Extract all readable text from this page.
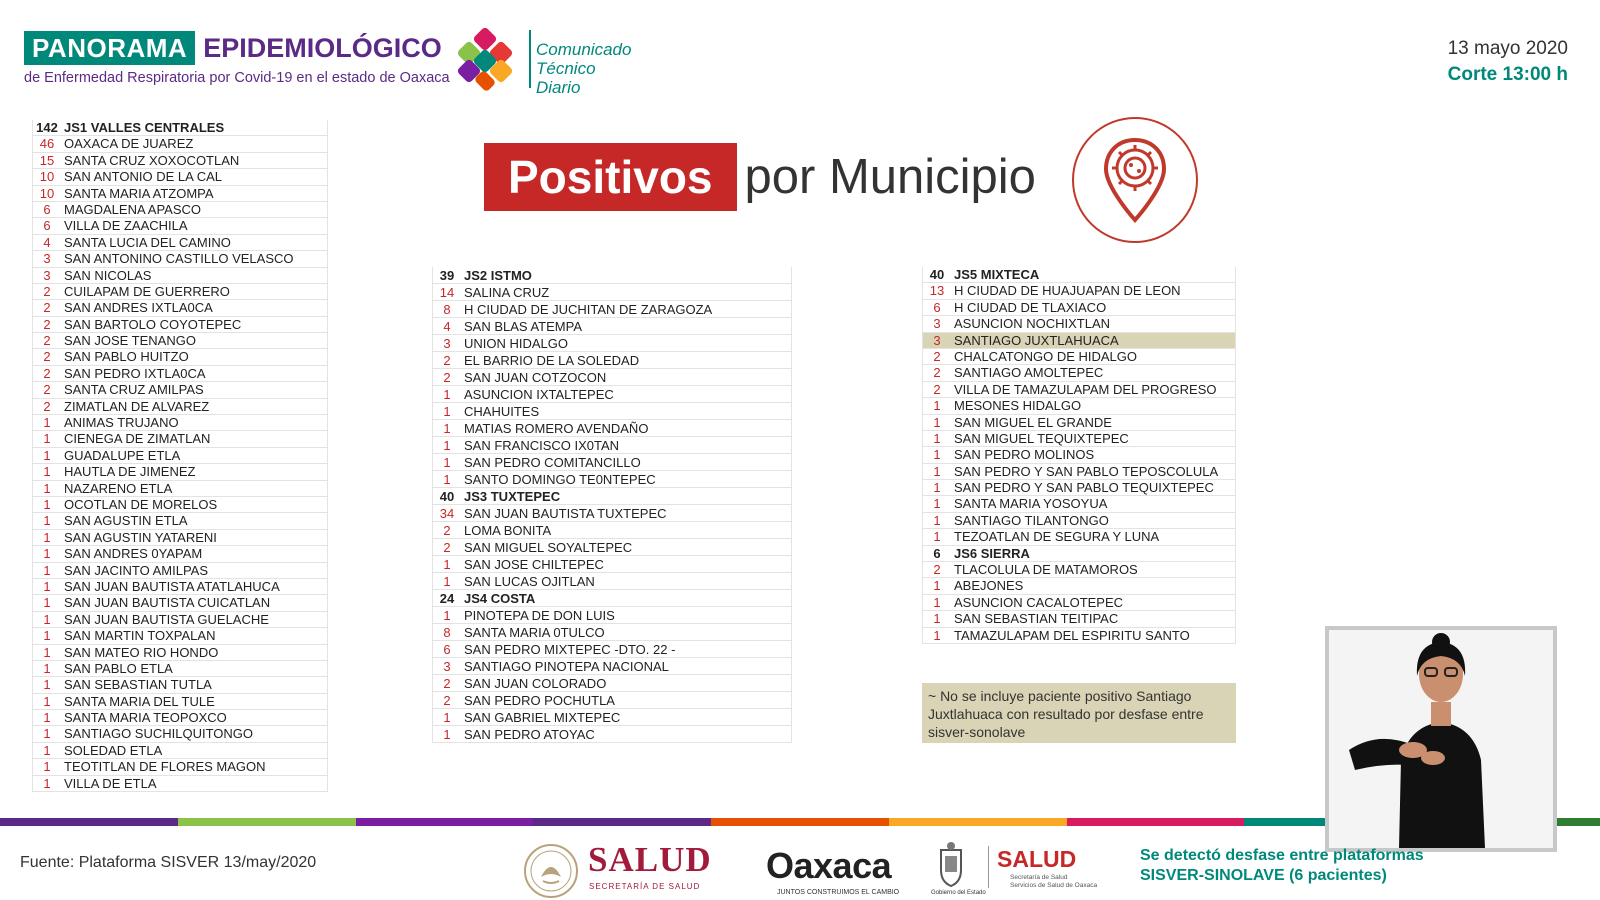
PANORAMA EPIDEMIOLÓGICO
de Enfermedad Respiratoria por Covid-19 en el estado de Oaxaca
Comunicado
Técnico Diario
13 mayo 2020
Corte 13:00 h
Positivos por Municipio
142 JS1 VALLES CENTRALES
46 OAXACA DE JUAREZ
15 SANTA CRUZ XOXOCOTLAN
10 SAN ANTONIO DE LA CAL
10 SANTA MARIA ATZOMPA
6	MAGDALENA APASCO
6	VILLA DE ZAACHILA
4	SANTA LUCIA DEL CAMINO
3	SAN ANTONINO CASTILLO VELASCO
3	SAN NICOLAS
2	CUILAPAM DE GUERRERO
2	SAN ANDRES IXTLA0CA
2	SAN BARTOLO COYOTEPEC
2	SAN JOSE TENANGO
2	SAN PABLO HUITZO
2	SAN PEDRO IXTLA0CA
2	SANTA CRUZ AMILPAS
2	ZIMATLAN DE ALVAREZ
1	ANIMAS TRUJANO
1	CIENEGA DE ZIMATLAN
1	GUADALUPE ETLA
1	HAUTLA DE JIMENEZ
1	NAZARENO ETLA
1	OCOTLAN DE MORELOS
1	SAN AGUSTIN ETLA
1	SAN AGUSTIN YATARENI
1	SAN ANDRES 0YAPAM
1	SAN JACINTO AMILPAS
1	SAN JUAN BAUTISTA ATATLAHUCA
1	SAN JUAN BAUTISTA CUICATLAN
1	SAN JUAN BAUTISTA GUELACHE
1	SAN MARTIN TOXPALAN
1	SAN MATEO RIO HONDO
1	SAN PABLO ETLA
1	SAN SEBASTIAN TUTLA
1	SANTA MARIA DEL TULE
1	SANTA MARIA TEOPOXCO
1	SANTIAGO SUCHILQUITONGO
1	SOLEDAD ETLA
1	TEOTITLAN DE FLORES MAGON
1	VILLA DE ETLA
39 JS2 ISTMO
14 SALINA CRUZ
8	H CIUDAD DE JUCHITAN DE ZARAGOZA
4	SAN BLAS ATEMPA
3	UNION HIDALGO
2	EL BARRIO DE LA SOLEDAD
2	SAN JUAN COTZOCON
1	ASUNCION IXTALTEPEC
1	CHAHUITES
1	MATIAS ROMERO AVENDAÑO
1	SAN FRANCISCO IX0TAN
1	SAN PEDRO COMITANCILLO
1	SANTO DOMINGO TE0NTEPEC
40 JS3 TUXTEPEC
34 SAN JUAN BAUTISTA TUXTEPEC
2	LOMA BONITA
2	SAN MIGUEL SOYALTEPEC
1	SAN JOSE CHILTEPEC
1	SAN LUCAS OJITLAN
24 JS4 COSTA
1	PINOTEPA DE DON LUIS
8	SANTA MARIA 0TULCO
6	SAN PEDRO MIXTEPEC -DTO. 22 -
3	SANTIAGO PINOTEPA NACIONAL
2	SAN JUAN COLORADO
2	SAN PEDRO POCHUTLA
1	SAN GABRIEL MIXTEPEC
1	SAN PEDRO ATOYAC
40 JS5 MIXTECA
13 H CIUDAD DE HUAJUAPAN DE LEON
6	H CIUDAD DE TLAXIACO
3	ASUNCION NOCHIXTLAN
3	SANTIAGO JUXTLAHUACA
2	CHALCATONGO DE HIDALGO
2	SANTIAGO AMOLTEPEC
2	VILLA DE TAMAZULAPAM DEL PROGRESO
1	MESONES HIDALGO
1	SAN MIGUEL EL GRANDE
1	SAN MIGUEL TEQUIXTEPEC
1	SAN PEDRO MOLINOS
1	SAN PEDRO Y SAN PABLO TEPOSCOLULA
1	SAN PEDRO Y SAN PABLO TEQUIXTEPEC
1	SANTA MARIA YOSOYUA
1	SANTIAGO TILANTONGO
1	TEZOATLAN DE SEGURA Y LUNA
6	JS6 SIERRA
2	TLACOLULA DE MATAMOROS
1	ABEJONES
1	ASUNCION CACALOTEPEC
1	SAN SEBASTIAN TEITIPAC
1	TAMAZULAPAM DEL ESPIRITU SANTO
~ No se incluye paciente positivo Santiago Juxtlahuaca con resultado por desfase entre sisver-sonolave
Fuente: Plataforma SISVER 13/may/2020	SALUD
SECRETARÍA DE SALUD
Oaxaca
JUNTOS CONSTRUIMOS EL CAMBIO	Gobierno del Estado
SALUD
Secretaría de Salud
Servicios de Salud de Oaxaca
Se detectó desfase entre plataformas
SISVER-SINOLAVE (6 pacientes)
